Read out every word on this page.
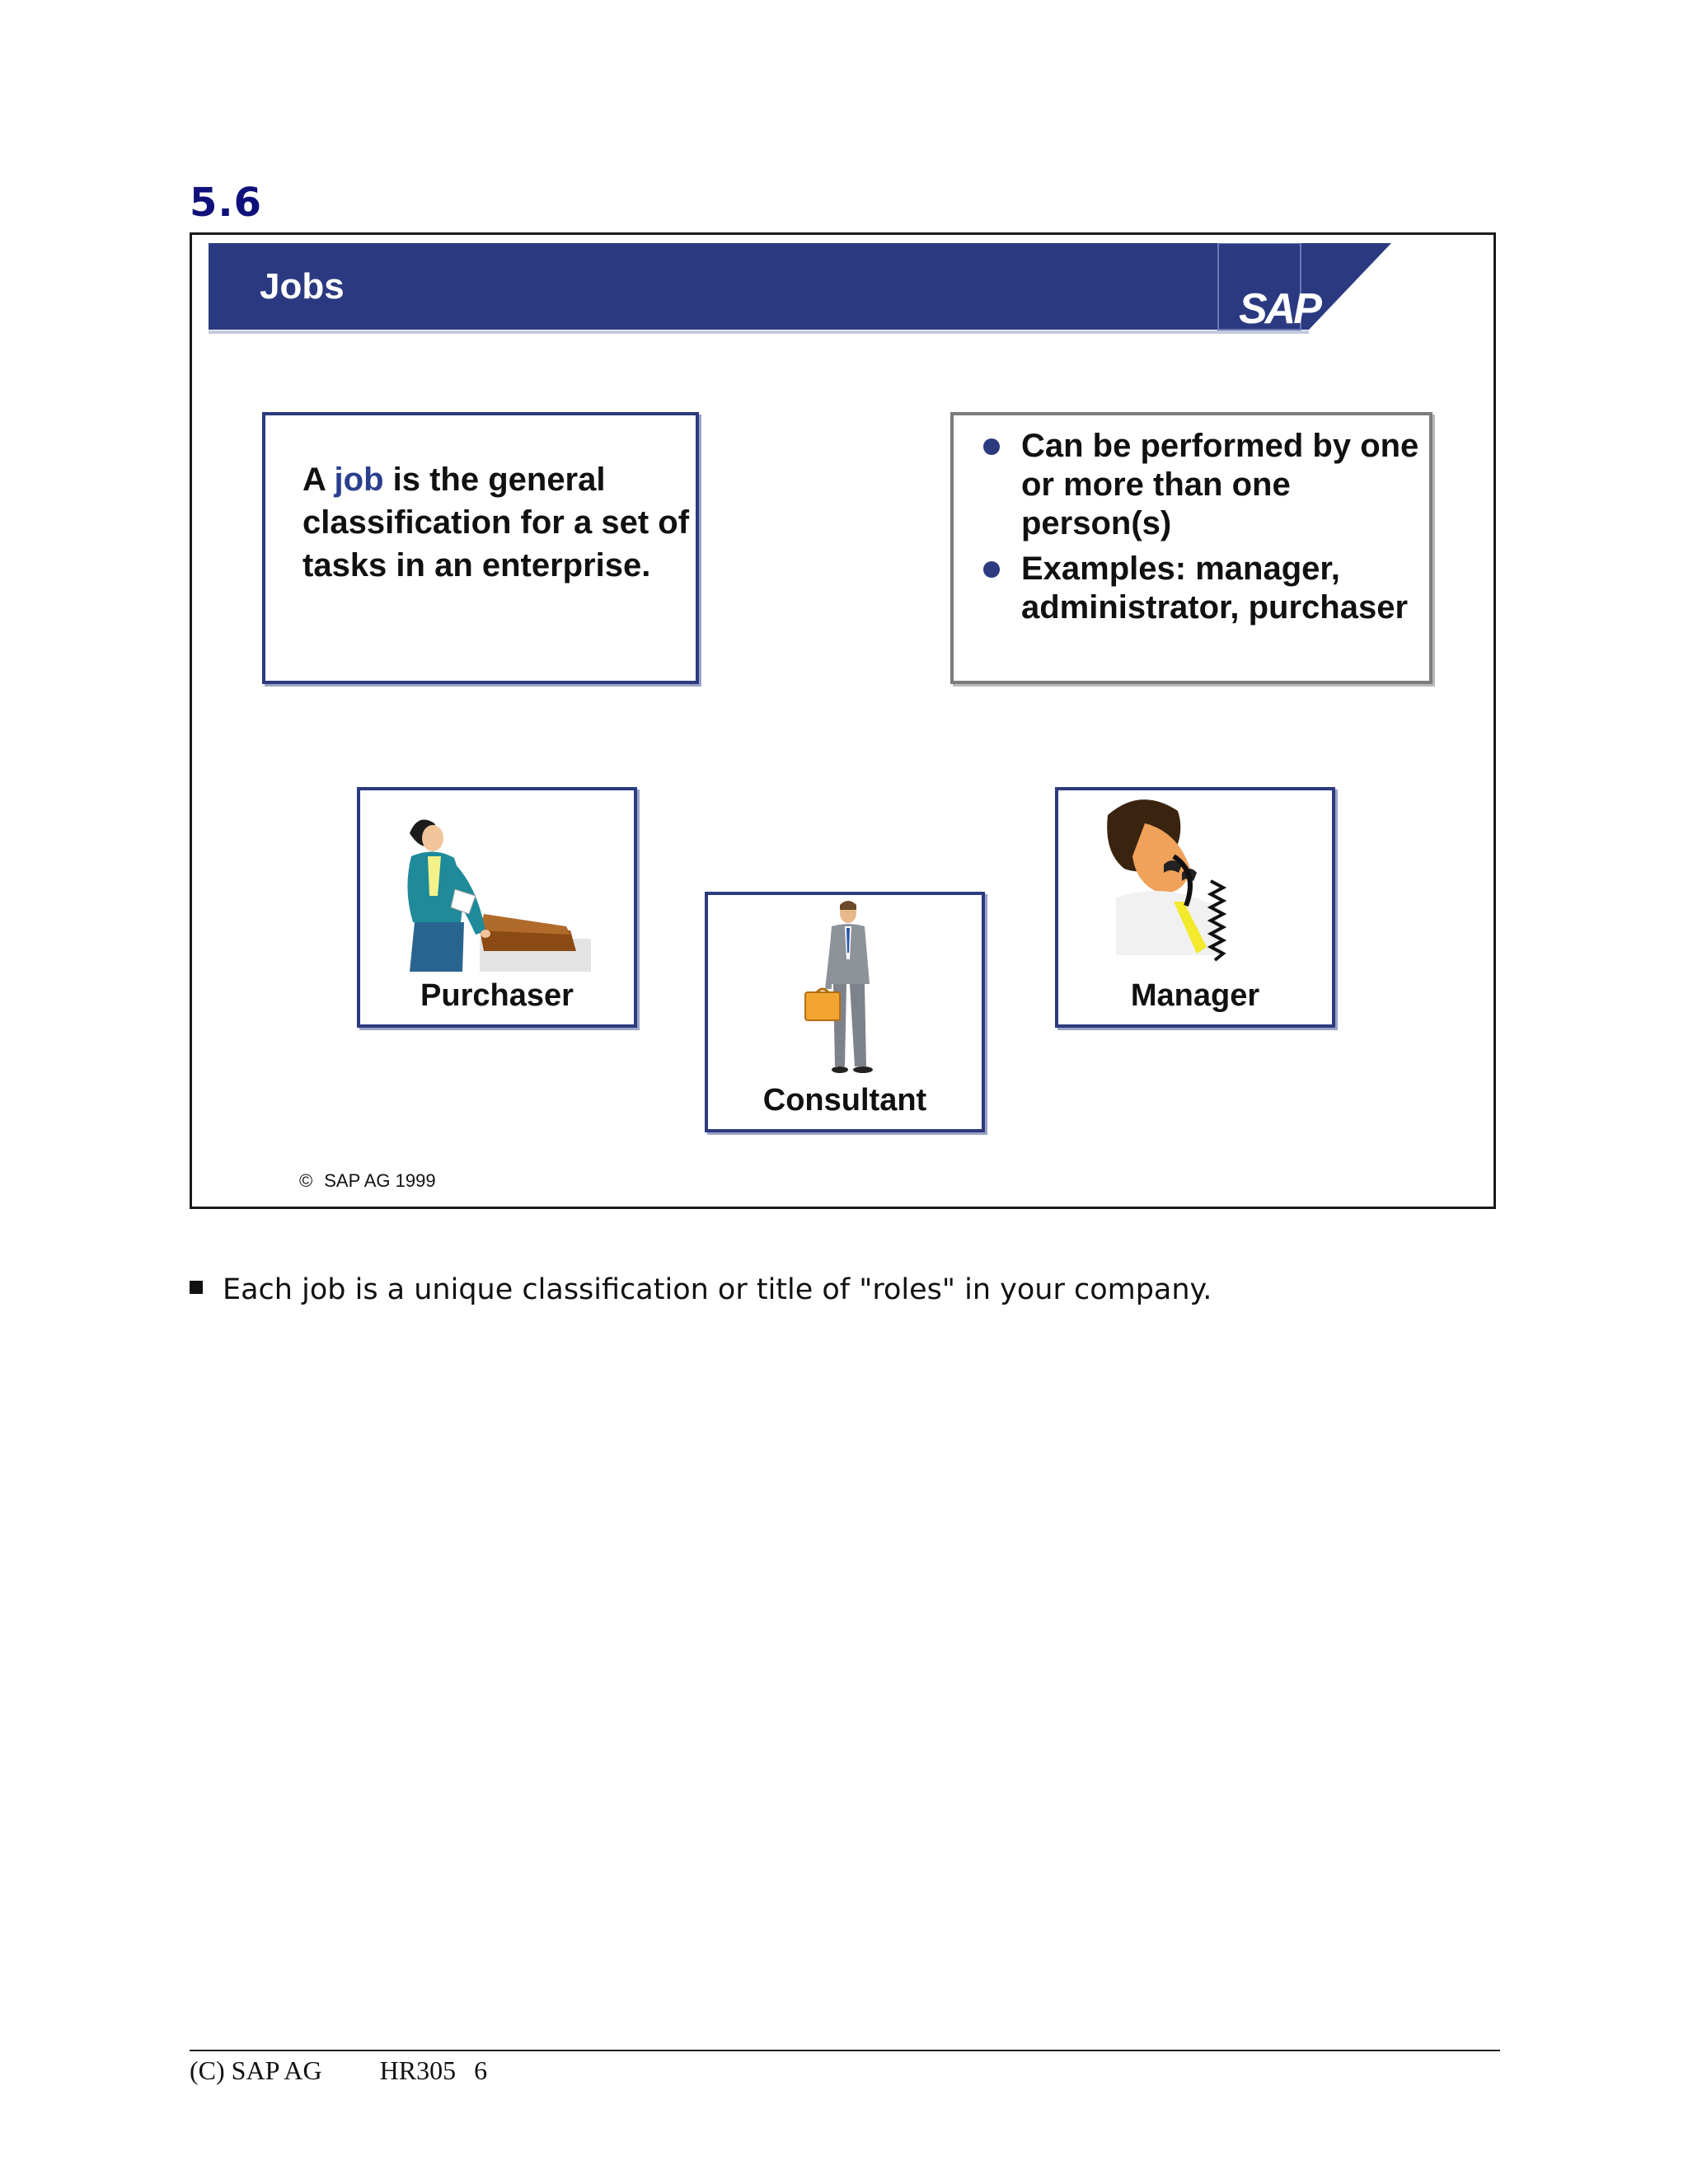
5.6
Jobs	SAP
A job is the general classification for a set of tasks in an enterprise.
Can be performed by one or more than one person(s)
Examples: manager, administrator, purchaser
Purchaser
Consultant
Manager
© SAP AG 1999
Each job is a unique classification or title of "roles" in your company.
(C) SAP AG HR305 6
